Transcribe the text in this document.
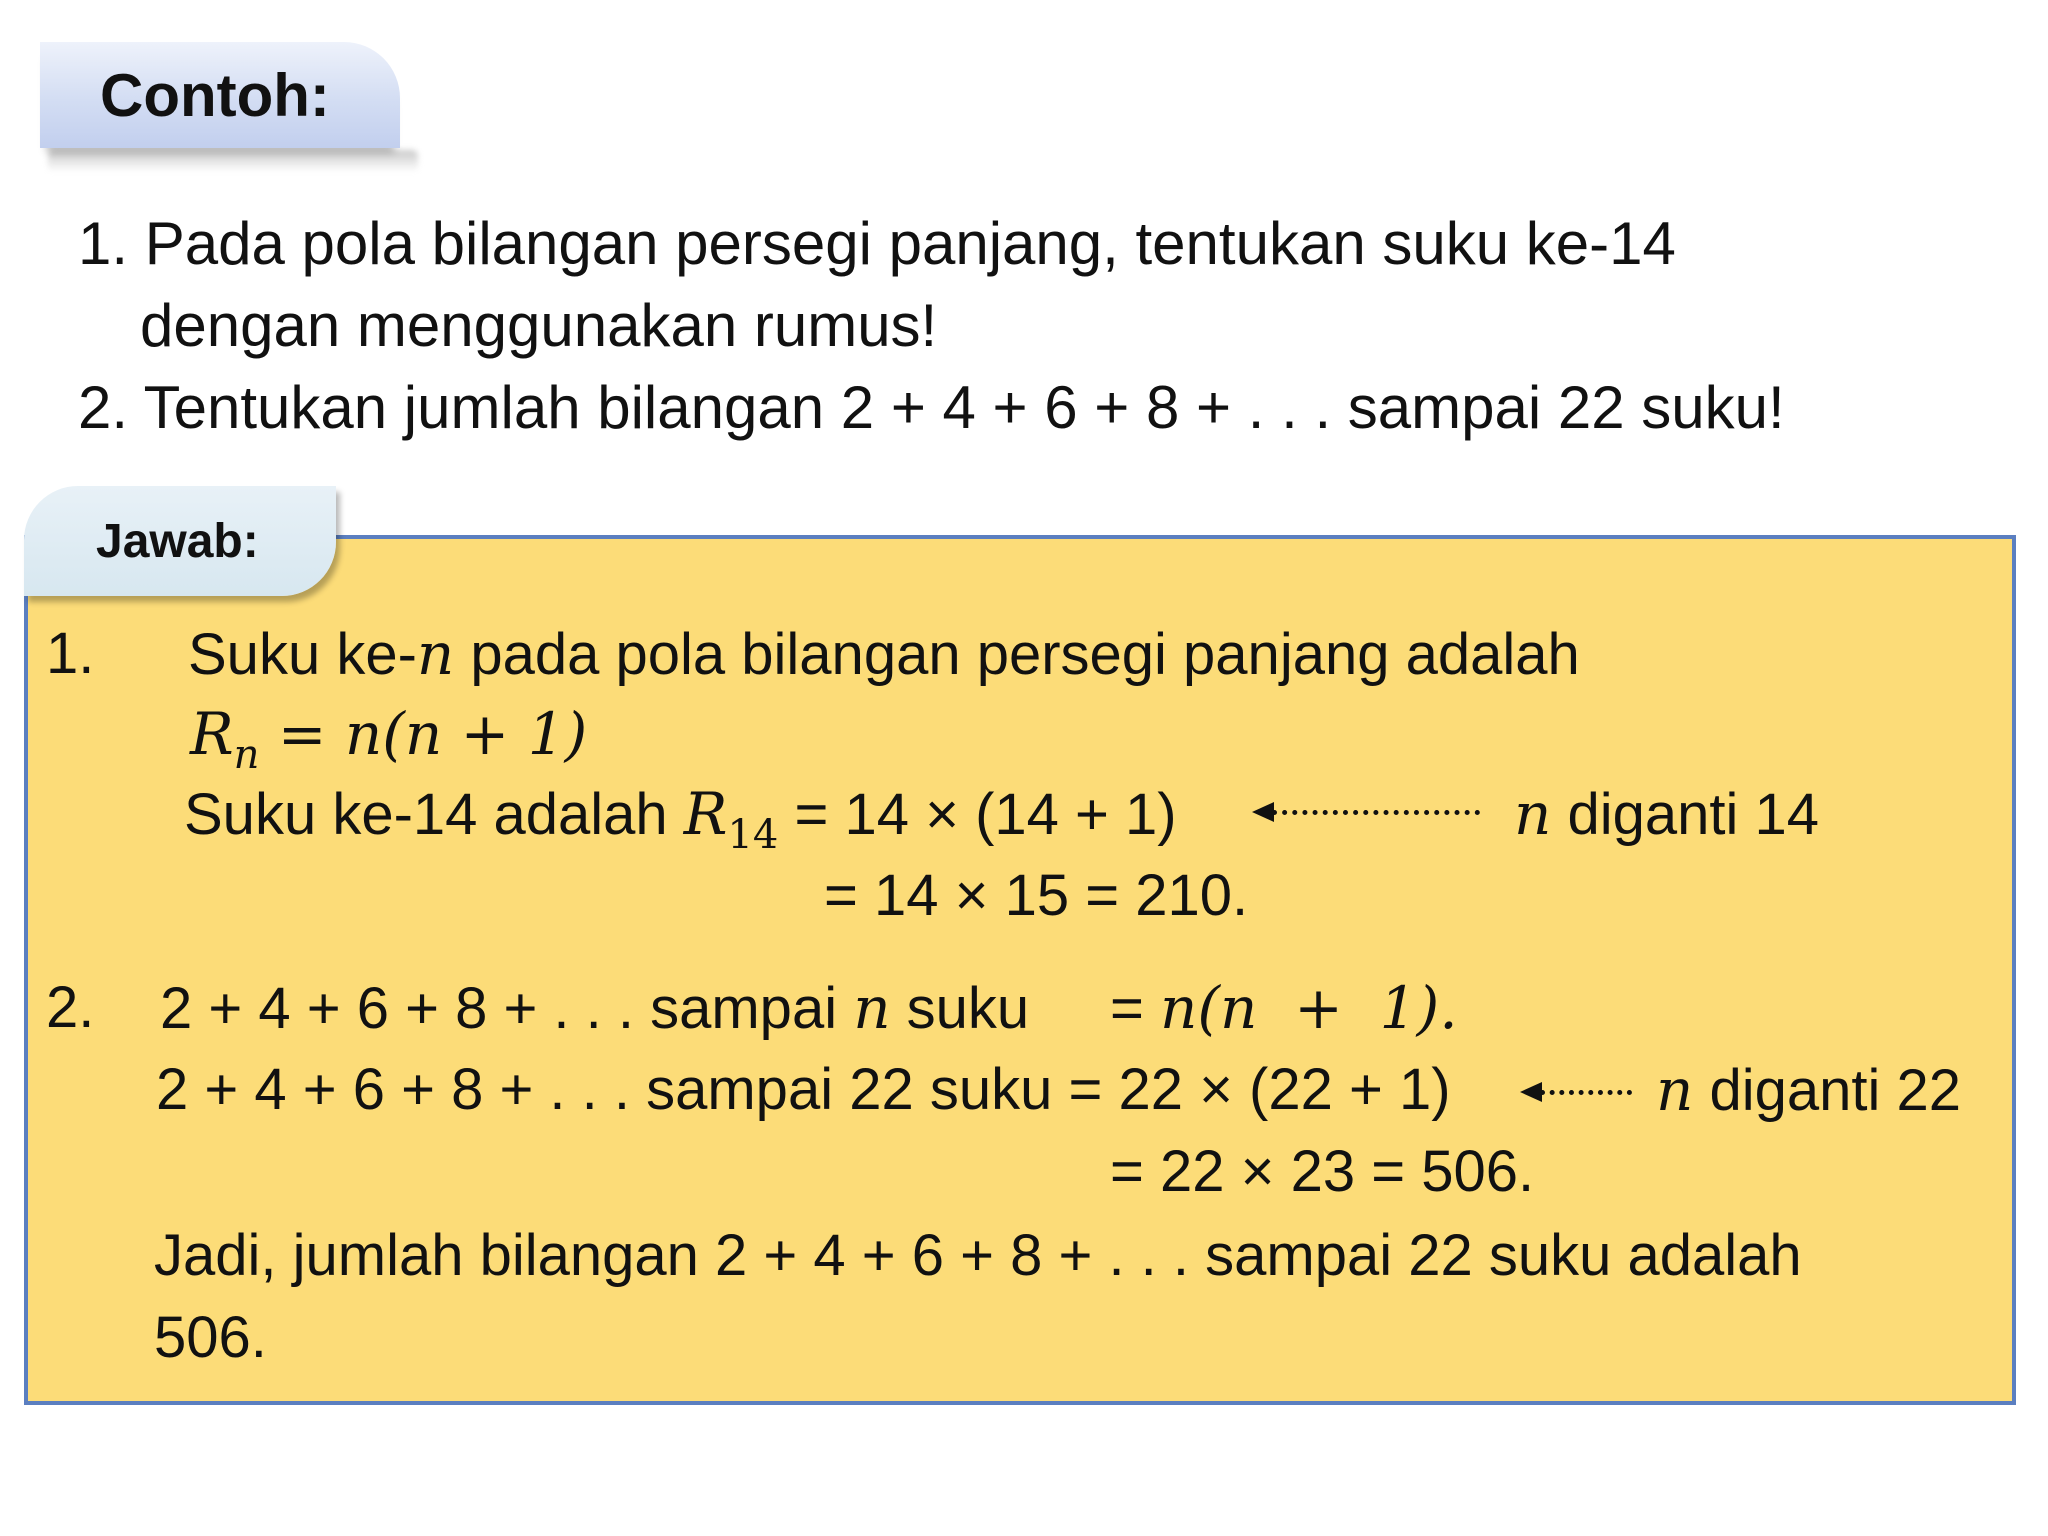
Contoh:
1. Pada pola bilangan persegi panjang, tentukan suku ke-14
dengan menggunakan rumus!
2. Tentukan jumlah bilangan 2 + 4 + 6 + 8 + . . . sampai 22 suku!
Jawab:
1. Suku ke-n pada pola bilangan persegi panjang adalah
$R_n = n(n + 1)$
Suku ke-14 adalah $R_{14} = 14 \times (14 + 1)$	n diganti 14
= 14 × 15 = 210.
2. 2 + 4 + 6 + 8 + . . . sampai n suku = n(n  +  1).
2 + 4 + 6 + 8 + . . . sampai 22 suku = 22 × (22 + 1)	n diganti 22
= 22 × 23 = 506.
Jadi, jumlah bilangan 2 + 4 + 6 + 8 + . . . sampai 22 suku adalah
506.
